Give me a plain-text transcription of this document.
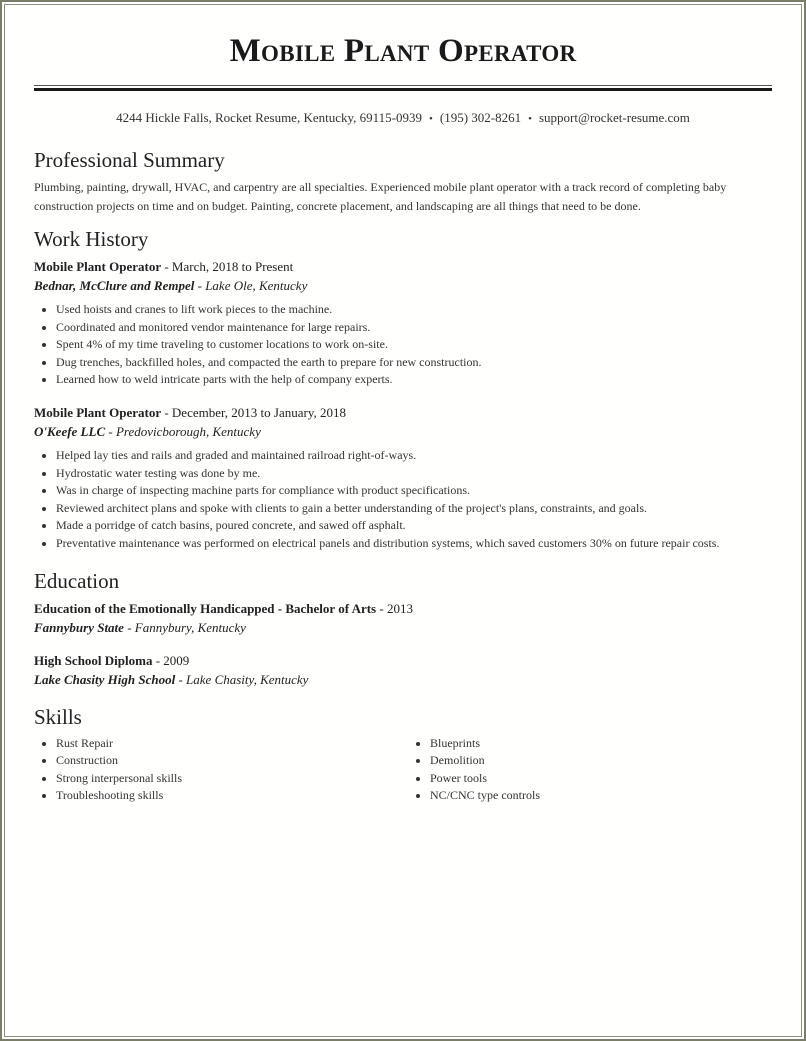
Mobile Plant Operator
4244 Hickle Falls, Rocket Resume, Kentucky, 69115-0939 • (195) 302-8261 • support@rocket-resume.com
Professional Summary

Plumbing, painting, drywall, HVAC, and carpentry are all specialties. Experienced mobile plant operator with a track record of completing baby construction projects on time and on budget. Painting, concrete placement, and landscaping are all things that need to be done.

Work History
Mobile Plant Operator - March, 2018 to Present
Bednar, McClure and Rempel - Lake Ole, Kentucky
Used hoists and cranes to lift work pieces to the machine.
Coordinated and monitored vendor maintenance for large repairs.
Spent 4% of my time traveling to customer locations to work on-site.
Dug trenches, backfilled holes, and compacted the earth to prepare for new construction.
Learned how to weld intricate parts with the help of company experts.
Mobile Plant Operator - December, 2013 to January, 2018
O'Keefe LLC - Predovicborough, Kentucky
Helped lay ties and rails and graded and maintained railroad right-of-ways.
Hydrostatic water testing was done by me.
Was in charge of inspecting machine parts for compliance with product specifications.
Reviewed architect plans and spoke with clients to gain a better understanding of the project's plans, constraints, and goals.
Made a porridge of catch basins, poured concrete, and sawed off asphalt.
Preventative maintenance was performed on electrical panels and distribution systems, which saved customers 30% on future repair costs.
Education
Education of the Emotionally Handicapped - Bachelor of Arts - 2013
Fannybury State - Fannybury, Kentucky
High School Diploma - 2009
Lake Chasity High School - Lake Chasity, Kentucky
Skills
Rust Repair
Construction
Strong interpersonal skills
Troubleshooting skills
Blueprints
Demolition
Power tools
NC/CNC type controls
